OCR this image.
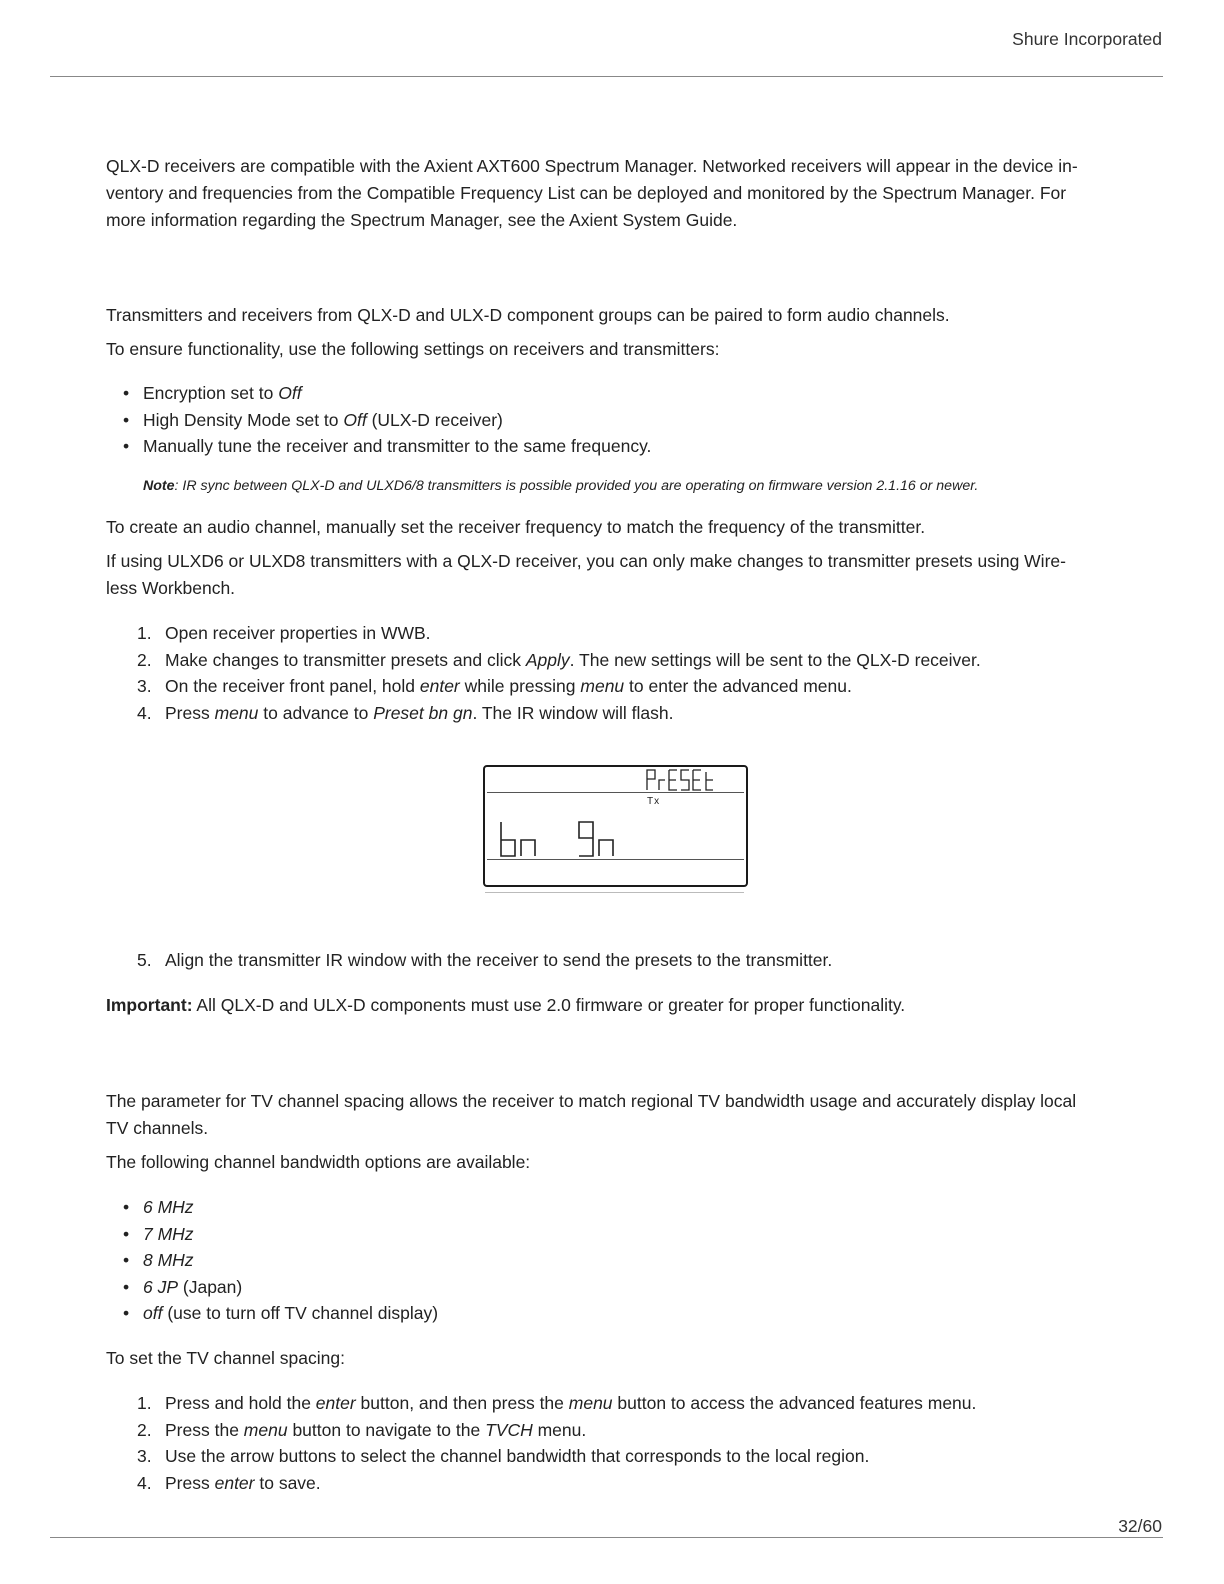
Shure Incorporated

QLX-D receivers are compatible with the Axient AXT600 Spectrum Manager. Networked receivers will appear in the device in-

ventory and frequencies from the Compatible Frequency List can be deployed and monitored by the Spectrum Manager. For

more information regarding the Spectrum Manager, see the Axient System Guide.

Transmitters and receivers from QLX-D and ULX-D component groups can be paired to form audio channels.

To ensure functionality, use the following settings on receivers and transmitters:

• Encryption set to Off
• High Density Mode set to Off (ULX-D receiver)
• Manually tune the receiver and transmitter to the same frequency.

Note: IR sync between QLX-D and ULXD6/8 transmitters is possible provided you are operating on firmware version 2.1.16 or newer.

To create an audio channel, manually set the receiver frequency to match the frequency of the transmitter.

If using ULXD6 or ULXD8 transmitters with a QLX-D receiver, you can only make changes to transmitter presets using Wire-

less Workbench.

1. Open receiver properties in WWB.
2. Make changes to transmitter presets and click Apply. The new settings will be sent to the QLX-D receiver.
3. On the receiver front panel, hold enter while pressing menu to enter the advanced menu.
4. Press menu to advance to Preset bn gn. The IR window will flash.
Tx
5. Align the transmitter IR window with the receiver to send the presets to the transmitter.

Important: All QLX-D and ULX-D components must use 2.0 firmware or greater for proper functionality.

The parameter for TV channel spacing allows the receiver to match regional TV bandwidth usage and accurately display local

TV channels.

The following channel bandwidth options are available:

• 6 MHz
• 7 MHz
• 8 MHz
• 6 JP (Japan)
• off (use to turn off TV channel display)

To set the TV channel spacing:

1. Press and hold the enter button, and then press the menu button to access the advanced features menu.
2. Press the menu button to navigate to the TVCH menu.
3. Use the arrow buttons to select the channel bandwidth that corresponds to the local region.
4. Press enter to save.
32/60
